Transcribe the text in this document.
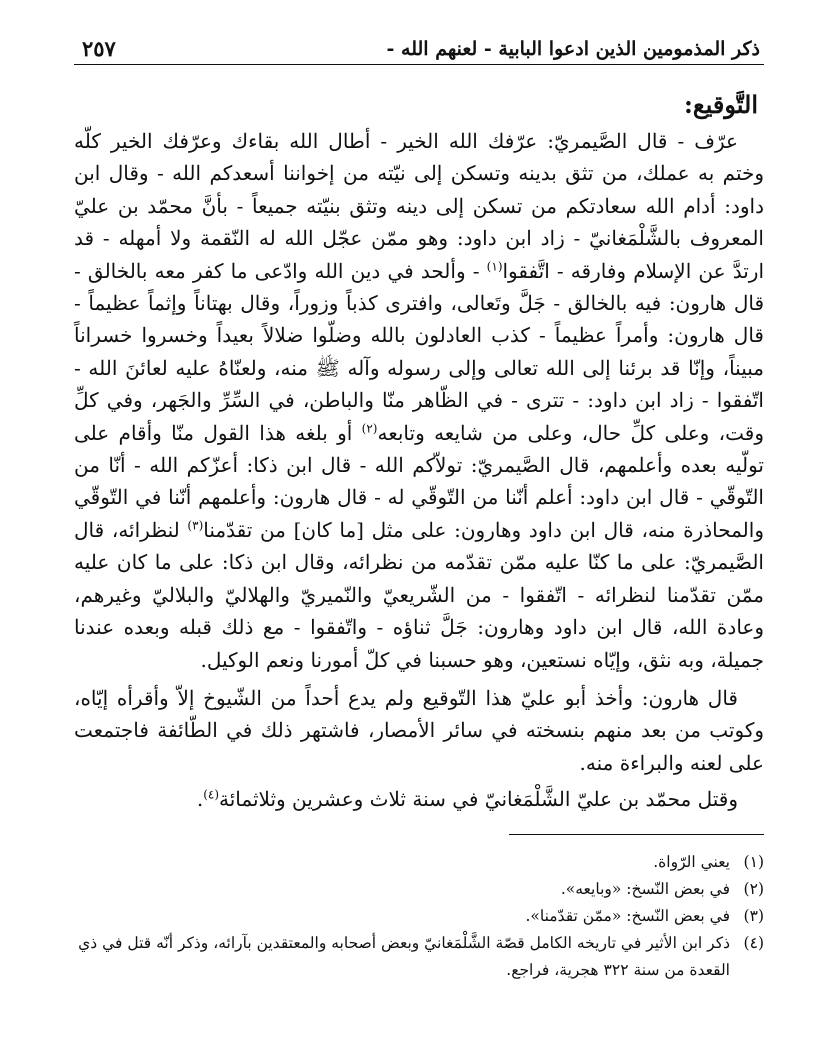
ذكر المذمومين الذين ادعوا البابية - لعنهم الله -
٢٥٧
التَّوقيع:

عرّف - قال الصَّيمريّ: عرّفك الله الخير - أطال الله بقاءك وعرّفك الخير كلّه وختم به عملك، من تثق بدينه وتسكن إلى نيّته من إخواننا أسعدكم الله - وقال ابن داود: أدام الله سعادتكم من تسكن إلى دينه وتثق بنيّته جميعاً - بأنَّ محمّد بن عليّ المعروف بالشَّلْمَغانيّ - زاد ابن داود: وهو ممّن عجّل الله له النّقمة ولا أمهله - قد ارتدَّ عن الإسلام وفارقه - اتَّفقوا$^{(١)}$ - وألحد في دين الله وادّعى ما كفر معه بالخالق - قال هارون: فيه بالخالق - جَلَّ وتَعالى، وافترى كذباً وزوراً، وقال بهتاناً وإثماً عظيماً - قال هارون: وأمراً عظيماً - كذب العادلون بالله وضلّوا ضلالاً بعيداً وخسروا خسراناً مبيناً، وإنّا قد برئنا إلى الله تعالى وإلى رسوله وآله ﷺ منه، ولعنّاهُ عليه لعائنَ الله - اتّفقوا - زاد ابن داود: - تترى - في الظّاهر منّا والباطن، في السِّرِّ والجَهر، وفي كلِّ وقت، وعلى كلِّ حال، وعلى من شايعه وتابعه$^{(٢)}$ أو بلغه هذا القول منّا وأقام على تولّيه بعده وأعلمهم، قال الصَّيمريّ: تولاّكم الله - قال ابن ذكا: أعزّكم الله - أنّا من التّوقّي - قال ابن داود: أعلم أنّنا من التّوقّي له - قال هارون: وأعلمهم أنّنا في التّوقّي والمحاذرة منه، قال ابن داود وهارون: على مثل [ما كان] من تقدّمنا$^{(٣)}$ لنظرائه، قال الصَّيمريّ: على ما كنّا عليه ممّن تقدّمه من نظرائه، وقال ابن ذكا: على ما كان عليه ممّن تقدّمنا لنظرائه - اتّفقوا - من الشّريعيّ والنّميريّ والهلاليّ والبلاليّ وغيرهم، وعادة الله، قال ابن داود وهارون: جَلَّ ثناؤه - واتّفقوا - مع ذلك قبله وبعده عندنا جميلة، وبه نثق، وإيّاه نستعين، وهو حسبنا في كلّ أمورنا ونعم الوكيل.

قال هارون: وأخذ أبو عليّ هذا التّوقيع ولم يدع أحداً من الشّيوخ إلاّ وأقرأه إيّاه، وكوتب من بعد منهم بنسخته في سائر الأمصار، فاشتهر ذلك في الطّائفة فاجتمعت على لعنه والبراءة منه.

وقتل محمّد بن عليّ الشَّلْمَغانيّ في سنة ثلاث وعشرين وثلاثمائة$^{(٤)}$.

(١)
يعني الرّواة.
(٢)
في بعض النّسخ: «وبايعه».
(٣)
في بعض النّسخ: «ممّن تقدّمنا».
(٤)
ذكر ابن الأثير في تاريخه الكامل قصّة الشَّلْمَغانيّ وبعض أصحابه والمعتقدين بآرائه، وذكر أنّه قتل في ذي القعدة من سنة ٣٢٢ هجرية، فراجع.
